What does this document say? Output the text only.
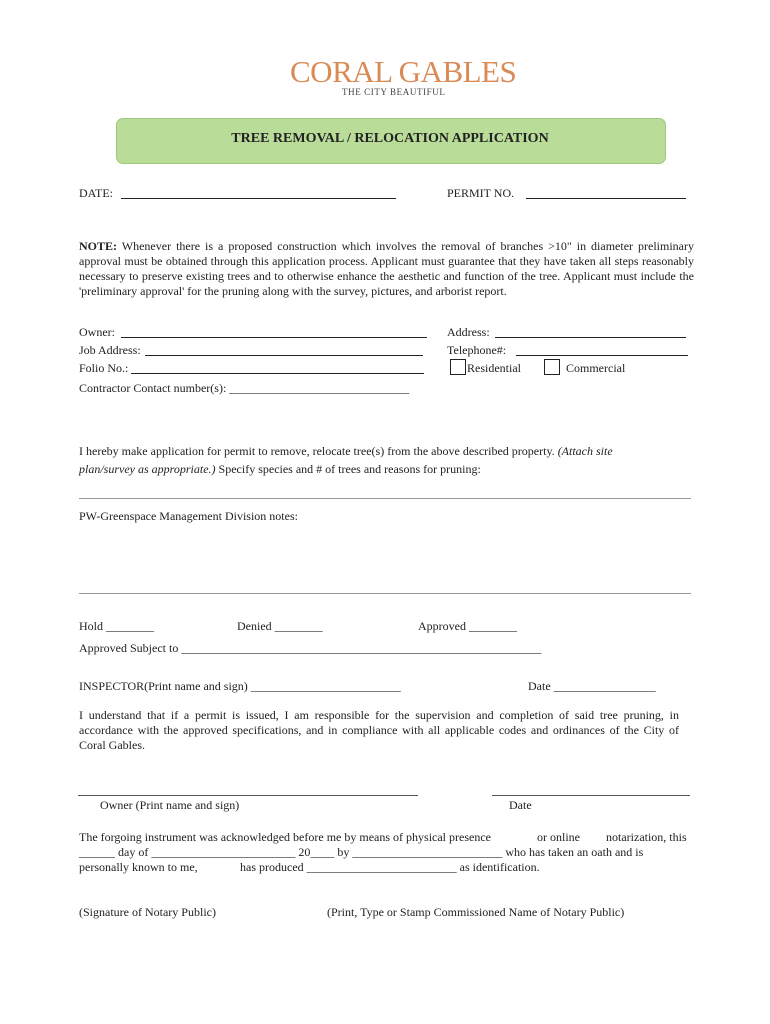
CORAL GABLES
THE CITY BEAUTIFUL
TREE REMOVAL / RELOCATION APPLICATION
DATE:	PERMIT NO.
NOTE: Whenever there is a proposed construction which involves the removal of branches >10" in diameter preliminary approval must be obtained through this application process. Applicant must guarantee that they have taken all steps reasonably necessary to preserve existing trees and to otherwise enhance the aesthetic and function of the tree. Applicant must include the 'preliminary approval' for the pruning along with the survey, pictures, and arborist report.
Owner:	Address:
Job Address:	Telephone#:
Folio No.:	Residential	Commercial
Contractor Contact number(s): ______________________________
I hereby make application for permit to remove, relocate tree(s) from the above described property. (Attach site
plan/survey as appropriate.) Specify species and # of trees and reasons for pruning:
PW-Greenspace Management Division notes:
Hold ________	Denied ________	Approved ________
Approved Subject to ____________________________________________________________
INSPECTOR(Print name and sign) _________________________	Date _________________
I understand that if a permit is issued, I am responsible for the supervision and completion of said tree pruning, in accordance with the approved specifications, and in compliance with all applicable codes and ordinances of the City of Coral Gables.
Owner (Print name and sign)	Date
The forgoing instrument was acknowledged before me by means of physical presence	or online notarization, this
______ day of ________________________ 20____ by _________________________ who has taken an oath and is
personally known to me,	has produced _________________________ as identification.
(Signature of Notary Public)	(Print, Type or Stamp Commissioned Name of Notary Public)
